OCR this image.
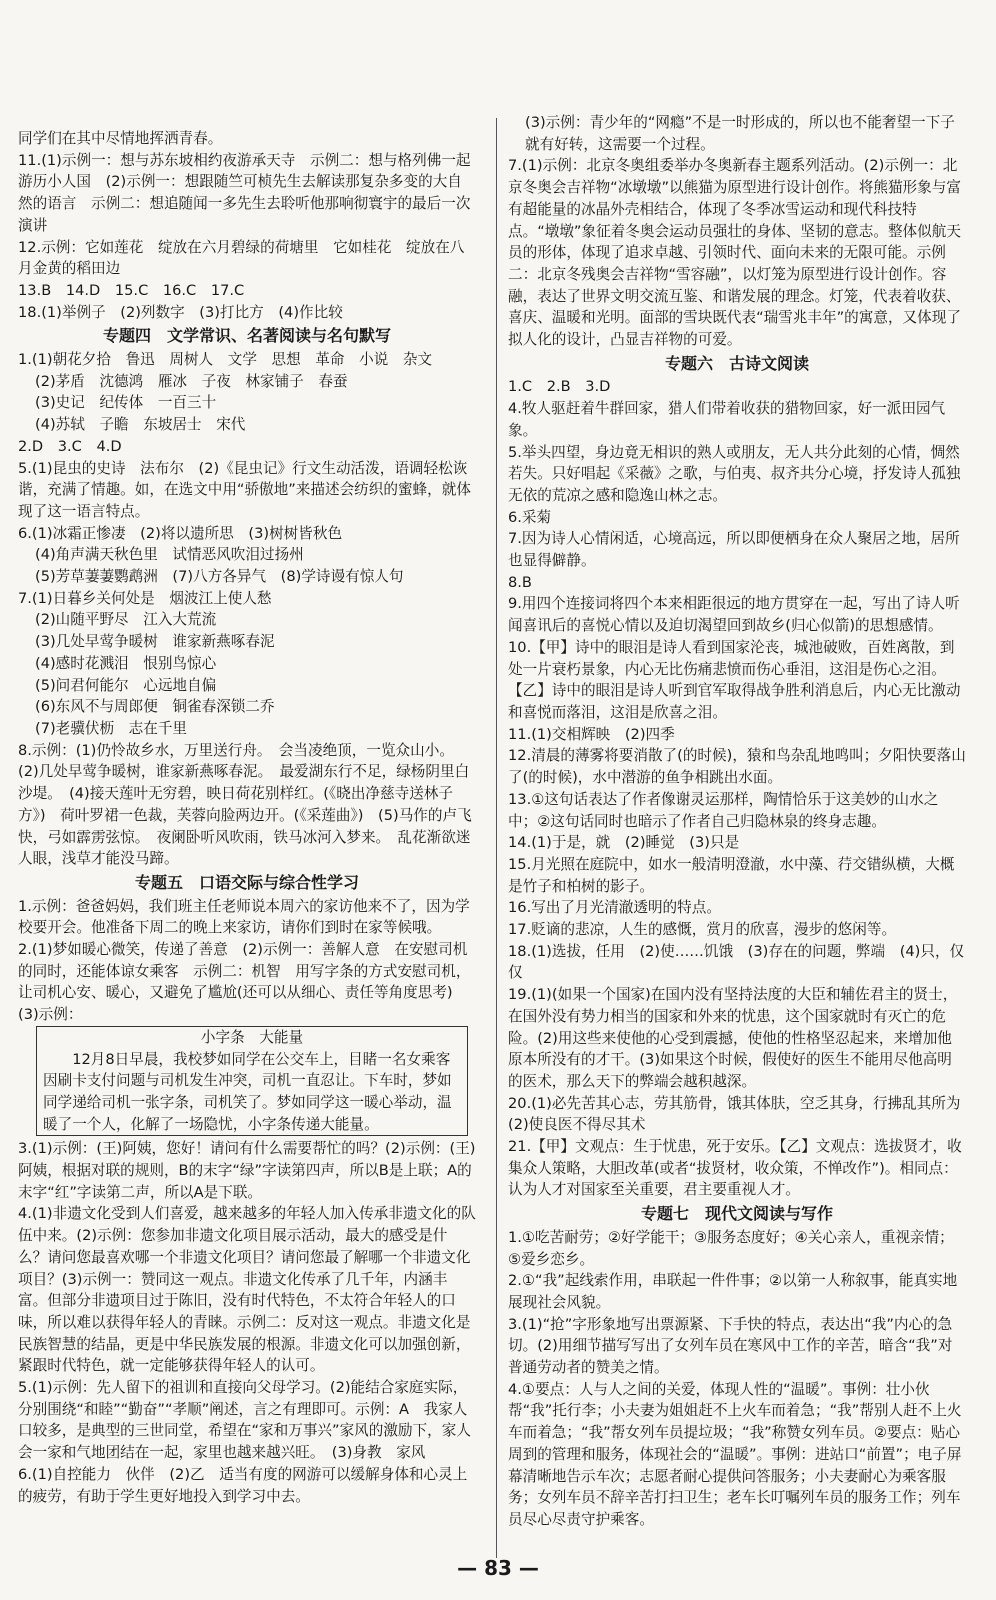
同学们在其中尽情地挥洒青春。
11.(1)示例一：想与苏东坡相约夜游承天寺　示例二：想与格列佛一起游历小人国　(2)示例一：想跟随竺可桢先生去解读那复杂多变的大自然的语言　示例二：想追随闻一多先生去聆听他那响彻寰宇的最后一次演讲
12.示例：它如莲花　绽放在六月碧绿的荷塘里　它如桂花　绽放在八月金黄的稻田边
13.B　14.D　15.C　16.C　17.C
18.(1)举例子　(2)列数字　(3)打比方　(4)作比较
专题四　文学常识、名著阅读与名句默写
1.(1)朝花夕拾　鲁迅　周树人　文学　思想　革命　小说　杂文
(2)茅盾　沈德鸿　雁冰　子夜　林家铺子　春蚕
(3)史记　纪传体　一百三十
(4)苏轼　子瞻　东坡居士　宋代
2.D　3.C　4.D
5.(1)昆虫的史诗　法布尔　(2)《昆虫记》行文生动活泼，语调轻松诙谐，充满了情趣。如，在选文中用“骄傲地”来描述会纺织的蜜蜂，就体现了这一语言特点。
6.(1)冰霜正惨凄　(2)将以遗所思　(3)树树皆秋色
(4)角声满天秋色里　试情恶风吹泪过扬州
(5)芳草萋萋鹦鹉洲　(7)八方各异气　(8)学诗谩有惊人句
7.(1)日暮乡关何处是　烟波江上使人愁
(2)山随平野尽　江入大荒流
(3)几处早莺争暖树　谁家新燕啄春泥
(4)感时花溅泪　恨别鸟惊心
(5)问君何能尔　心远地自偏
(6)东风不与周郎便　铜雀春深锁二乔
(7)老骥伏枥　志在千里
8.示例：(1)仍怜故乡水，万里送行舟。　会当凌绝顶，一览众山小。　(2)几处早莺争暖树，谁家新燕啄春泥。　最爱湖东行不足，绿杨阴里白沙堤。　(4)接天莲叶无穷碧，映日荷花别样红。(《晓出净慈寺送林子方》)　荷叶罗裙一色裁，芙蓉向脸两边开。(《采莲曲》)　(5)马作的卢飞快，弓如霹雳弦惊。　夜阑卧听风吹雨，铁马冰河入梦来。　乱花渐欲迷人眼，浅草才能没马蹄。
专题五　口语交际与综合性学习
1.示例：爸爸妈妈，我们班主任老师说本周六的家访他来不了，因为学校要开会。他准备下周二的晚上来家访，请你们到时在家等候哦。
2.(1)梦如暖心微笑，传递了善意　(2)示例一：善解人意　在安慰司机的同时，还能体谅女乘客　示例二：机智　用写字条的方式安慰司机，让司机心安、暖心，又避免了尴尬(还可以从细心、责任等角度思考)　(3)示例：
小字条　大能量
12月8日早晨，我校梦如同学在公交车上，目睹一名女乘客因刷卡支付问题与司机发生冲突，司机一直忍让。下车时，梦如同学递给司机一张字条，司机笑了。梦如同学这一暖心举动，温暖了一个人，化解了一场隐忧，小字条传递大能量。
3.(1)示例：(王)阿姨，您好！请问有什么需要帮忙的吗？(2)示例：(王)阿姨，根据对联的规则，B的末字“绿”字读第四声，所以B是上联；A的末字“红”字读第二声，所以A是下联。
4.(1)非遗文化受到人们喜爱，越来越多的年轻人加入传承非遗文化的队伍中来。(2)示例：您参加非遗文化项目展示活动，最大的感受是什么？请问您最喜欢哪一个非遗文化项目？请问您最了解哪一个非遗文化项目？(3)示例一：赞同这一观点。非遗文化传承了几千年，内涵丰富。但部分非遗项目过于陈旧，没有时代特色，不太符合年轻人的口味，所以难以获得年轻人的青睐。示例二：反对这一观点。非遗文化是民族智慧的结晶，更是中华民族发展的根源。非遗文化可以加强创新，紧跟时代特色，就一定能够获得年轻人的认可。
5.(1)示例：先人留下的祖训和直接向父母学习。(2)能结合家庭实际，分别围绕“和睦”“勤奋”“孝顺”阐述，言之有理即可。示例：A　我家人口较多，是典型的三世同堂，希望在“家和万事兴”家风的激励下，家人会一家和气地团结在一起，家里也越来越兴旺。　(3)身教　家风
6.(1)自控能力　伙伴　(2)乙　适当有度的网游可以缓解身体和心灵上的疲劳，有助于学生更好地投入到学习中去。
(3)示例：青少年的“网瘾”不是一时形成的，所以也不能奢望一下子就有好转，这需要一个过程。
7.(1)示例：北京冬奥组委举办冬奥新春主题系列活动。(2)示例一：北京冬奥会吉祥物“冰墩墩”以熊猫为原型进行设计创作。将熊猫形象与富有超能量的冰晶外壳相结合，体现了冬季冰雪运动和现代科技特点。“墩墩”象征着冬奥会运动员强壮的身体、坚韧的意志。整体似航天员的形体，体现了追求卓越、引领时代、面向未来的无限可能。示例二：北京冬残奥会吉祥物“雪容融”，以灯笼为原型进行设计创作。容融，表达了世界文明交流互鉴、和谐发展的理念。灯笼，代表着收获、喜庆、温暖和光明。面部的雪块既代表“瑞雪兆丰年”的寓意，又体现了拟人化的设计，凸显吉祥物的可爱。
专题六　古诗文阅读
1.C　2.B　3.D
4.牧人驱赶着牛群回家，猎人们带着收获的猎物回家，好一派田园气象。
5.举头四望，身边竟无相识的熟人或朋友，无人共分此刻的心情，惆然若失。只好唱起《采薇》之歌，与伯夷、叔齐共分心境，抒发诗人孤独无依的荒凉之感和隐逸山林之志。
6.采菊
7.因为诗人心情闲适，心境高远，所以即便栖身在众人聚居之地，居所也显得僻静。
8.B
9.用四个连接词将四个本来相距很远的地方贯穿在一起，写出了诗人听闻喜讯后的喜悦心情以及迫切渴望回到故乡(归心似箭)的思想感情。
10.【甲】诗中的眼泪是诗人看到国家沦丧，城池破败，百姓离散，到处一片衰朽景象，内心无比伤痛悲愤而伤心垂泪，这泪是伤心之泪。【乙】诗中的眼泪是诗人听到官军取得战争胜利消息后，内心无比激动和喜悦而落泪，这泪是欣喜之泪。
11.(1)交相辉映　(2)四季
12.清晨的薄雾将要消散了(的时候)，猿和鸟杂乱地鸣叫；夕阳快要落山了(的时候)，水中潜游的鱼争相跳出水面。
13.①这句话表达了作者像谢灵运那样，陶情恰乐于这美妙的山水之中；②这句话同时也暗示了作者自己归隐林泉的终身志趣。
14.(1)于是，就　(2)睡觉　(3)只是
15.月光照在庭院中，如水一般清明澄澈，水中藻、荇交错纵横，大概是竹子和柏树的影子。
16.写出了月光清澈透明的特点。
17.贬谪的悲凉，人生的感慨，赏月的欣喜，漫步的悠闲等。
18.(1)选拔，任用　(2)使……饥饿　(3)存在的问题，弊端　(4)只，仅仅
19.(1)(如果一个国家)在国内没有坚持法度的大臣和辅佐君主的贤士，在国外没有势力相当的国家和外来的忧患，这个国家就时有灭亡的危险。(2)用这些来使他的心受到震撼，使他的性格坚忍起来，来增加他原本所没有的才干。(3)如果这个时候，假使好的医生不能用尽他高明的医术，那么天下的弊端会越积越深。
20.(1)必先苦其心志，劳其筋骨，饿其体肤，空乏其身，行拂乱其所为　(2)使良医不得尽其术
21.【甲】文观点：生于忧患，死于安乐。【乙】文观点：选拔贤才，收集众人策略，大胆改革(或者“拔贤材，收众策，不惮改作”)。相同点：认为人才对国家至关重要，君主要重视人才。
专题七　现代文阅读与写作
1.①吃苦耐劳；②好学能干；③服务态度好；④关心亲人，重视亲情；⑤爱乡恋乡。
2.①“我”起线索作用，串联起一件件事；②以第一人称叙事，能真实地展现社会风貌。
3.(1)“抢”字形象地写出票源紧、下手快的特点，表达出“我”内心的急切。(2)用细节描写写出了女列车员在寒风中工作的辛苦，暗含“我”对普通劳动者的赞美之情。
4.①要点：人与人之间的关爱，体现人性的“温暖”。事例：壮小伙帮“我”托行李；小夫妻为姐姐赶不上火车而着急；“我”帮别人赶不上火车而着急；“我”帮女列车员提垃圾；“我”称赞女列车员。②要点：贴心周到的管理和服务，体现社会的“温暖”。事例：进站口“前置”；电子屏幕清晰地告示车次；志愿者耐心提供问答服务；小夫妻耐心为乘客服务；女列车员不辞辛苦打扫卫生；老车长叮嘱列车员的服务工作；列车员尽心尽责守护乘客。
— 83 —
